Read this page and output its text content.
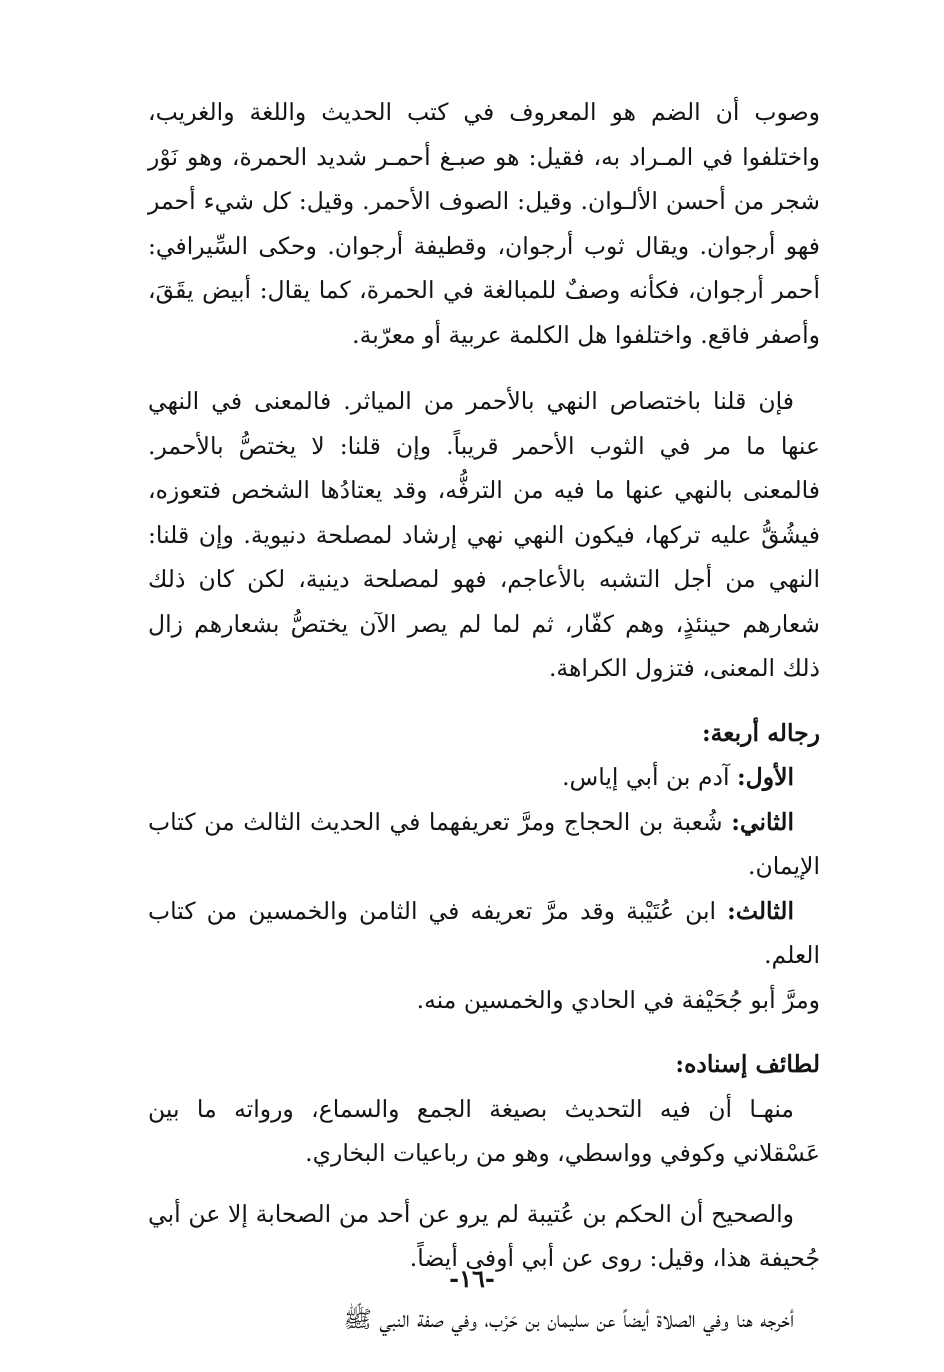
وصوب أن الضم هو المعروف في كتب الحديث واللغة والغريب، واختلفوا في المـراد به، فقيل: هو صبـغ أحمـر شديد الحمرة، وهو نَوْر شجر من أحسن الألـوان. وقيل: الصوف الأحمر. وقيل: كل شيء أحمر فهو أرجوان. ويقال ثوب أرجوان، وقطيفة أرجوان. وحكى السِّيرافي: أحمر أرجوان، فكأنه وصفٌ للمبالغة في الحمرة، كما يقال: أبيض يقَقَ، وأصفر فاقع. واختلفوا هل الكلمة عربية أو معرّبة.

فإن قلنا باختصاص النهي بالأحمر من المياثر. فالمعنى في النهي عنها ما مر في الثوب الأحمر قريباً. وإن قلنا: لا يختصُّ بالأحمر. فالمعنى بالنهي عنها ما فيه من الترفُّه، وقد يعتادُها الشخص فتعوزه، فيشُقُّ عليه تركها، فيكون النهي نهي إرشاد لمصلحة دنيوية. وإن قلنا: النهي من أجل التشبه بالأعاجم، فهو لمصلحة دينية، لكن كان ذلك شعارهم حينئذٍ، وهم كفّار، ثم لما لم يصر الآن يختصُّ بشعارهم زال ذلك المعنى، فتزول الكراهة.

رجاله أربعة:

الأول: آدم بن أبي إياس.

الثاني: شُعبة بن الحجاج ومرَّ تعريفهما في الحديث الثالث من كتاب الإيمان.

الثالث: ابن عُتَيْبة وقد مرَّ تعريفه في الثامن والخمسين من كتاب العلم.

ومرَّ أبو جُحَيْفة في الحادي والخمسين منه.

لطائف إسناده:

منهـا أن فيه التحديث بصيغة الجمع والسماع، ورواته ما بين عَسْقلاني وكوفي وواسطي، وهو من رباعيات البخاري.

والصحيح أن الحكم بن عُتيبة لم يرو عن أحد من الصحابة إلا عن أبي جُحيفة هذا، وقيل: روى عن أبي أوفى أيضاً.

أخرجه هنا وفي الصلاة أيضاً عن سليمان بن حَرْب، وفي صفة النبي ﷺ

-١٦-
